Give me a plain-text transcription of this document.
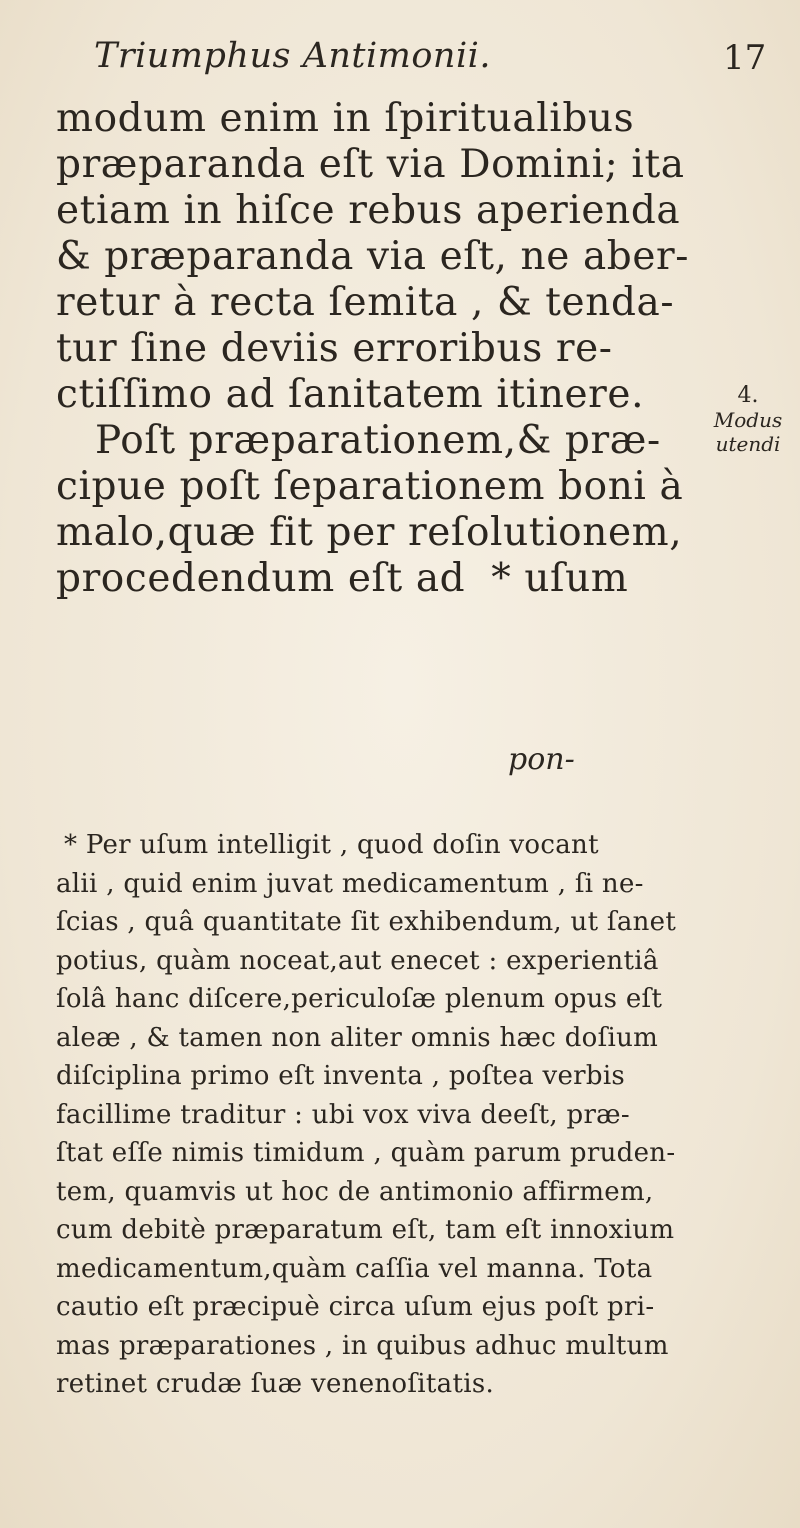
Triumphus Antimonii.	17
modum enim in ſpiritualibus
præparanda eſt via Domini; ita
etiam in hiſce rebus aperienda
& præparanda via eſt, ne aber-
retur à recta ſemita , & tenda-
tur ſine deviis erroribus re-
ctiſſimo ad ſanitatem itinere.
Poſt præparationem,& præ-
cipue poſt ſeparationem boni à
malo,quæ fit per reſolutionem,
procedendum eſt ad  * uſum
pon-
4.
Modus
utendi
* Per uſum intelligit , quod doſin vocant
alii , quid enim juvat medicamentum , ſi ne-
ſcias , quâ quantitate ſit exhibendum, ut ſanet
potius, quàm noceat,aut enecet : experientiâ
ſolâ hanc diſcere,periculoſæ plenum opus eſt
aleæ , & tamen non aliter omnis hæc doſium
diſciplina primo eſt inventa , poſtea verbis
facillime traditur : ubi vox viva deeſt, præ-
ſtat eſſe nimis timidum , quàm parum pruden-
tem, quamvis ut hoc de antimonio affirmem,
cum debitè præparatum eſt, tam eſt innoxium
medicamentum,quàm caſſia vel manna. Tota
cautio eſt præcipuè circa uſum ejus poſt pri-
mas præparationes , in quibus adhuc multum
retinet crudæ ſuæ venenoſitatis.
